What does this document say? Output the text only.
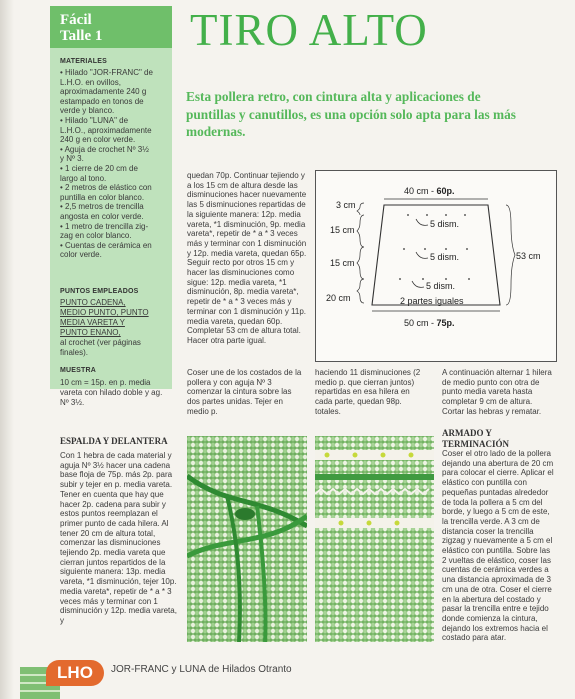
Fácil
Talle 1
MATERIALES
• Hilado "JOR-FRANC" de
L.H.O. en ovillos,
aproximadamente 240 g
estampado en tonos de
verde y blanco.
• Hilado "LUNA" de
L.H.O., aproximadamente
240 g en color verde.
• Aguja de crochet Nº 3½
y Nº 3.
• 1 cierre de 20 cm de
largo al tono.
• 2 metros de elástico con
puntilla en color blanco.
• 2,5 metros de trencilla
angosta en color verde.
• 1 metro de trencilla zig-
zag en color blanco.
• Cuentas de cerámica en
color verde.
PUNTOS EMPLEADOS
PUNTO CADENA,
MEDIO PUNTO, PUNTO
MEDIA VARETA Y
PUNTO ENANO,
al crochet (ver páginas finales).
MUESTRA
10 cm = 15p. en p. media vareta con hilado doble y ag. Nº 3½.
TIRO ALTO
Esta pollera retro, con cintura alta y aplicaciones de puntillas y canutillos, es una opción solo apta para las más modernas.
quedan 70p. Continuar tejiendo y a los 15 cm de altura desde las disminuciones hacer nuevamente las 5 disminuciones repartidas de la siguiente manera: 12p. media vareta, *1 disminución, 9p. media vareta*, repetir de * a * 3 veces más y terminar con 1 disminución y 12p. media vareta, quedan 65p. Seguir recto por otros 15 cm y hacer las disminuciones como sigue: 12p. media vareta, *1 disminución, 8p. media vareta*, repetir de * a * 3 veces más y terminar con 1 disminución y 11p. media vareta, quedan 60p. Completar 53 cm de altura total. Hacer otra parte igual.
40 cm - 60p.
5 dism.
5 dism.
5 dism.
2 partes iguales
3 cm
15 cm
15 cm
20 cm
53 cm
50 cm - 75p.
Coser une de los costados de la pollera y con aguja Nº 3 comenzar la cintura sobre las dos partes unidas. Tejer en medio p.
haciendo 11 disminuciones (2 medio p. que cierran juntos) repartidas en esa hilera en cada parte, quedan 98p. totales.
A continuación alternar 1 hilera de medio punto con otra de punto media vareta hasta completar 9 cm de altura. Cortar las hebras y rematar.
ESPALDA Y DELANTERA
Con 1 hebra de cada material y aguja Nº 3½ hacer una cadena base floja de 75p. más 2p. para subir y tejer en p. media vareta. Tener en cuenta que hay que hacer 2p. cadena para subir y estos puntos reemplazan el primer punto de cada hilera. Al tener 20 cm de altura total, comenzar las disminuciones tejiendo 2p. media vareta que cierran juntos repartidos de la siguiente manera: 13p. media vareta, *1 disminución, tejer 10p. media vareta*, repetir de * a * 3 veces más y terminar con 1 disminución y 12p. media vareta, y
ARMADO Y TERMINACIÓN
Coser el otro lado de la pollera dejando una abertura de 20 cm para colocar el cierre. Aplicar el elástico con puntilla con pequeñas puntadas alrededor de toda la pollera a 5 cm del borde, y luego a 5 cm de este, la trencilla verde. A 3 cm de distancia coser la trencilla zigzag y nuevamente a 5 cm el elástico con puntilla. Sobre las 2 vueltas de elástico, coser las cuentas de cerámica verdes a una distancia aproximada de 3 cm una de otra. Coser el cierre en la abertura del costado y pasar la trencilla entre e tejido donde comienza la cintura, dejando los extremos hacia el costado para atar.
LHO	JOR-FRANC y LUNA de Hilados Otranto
